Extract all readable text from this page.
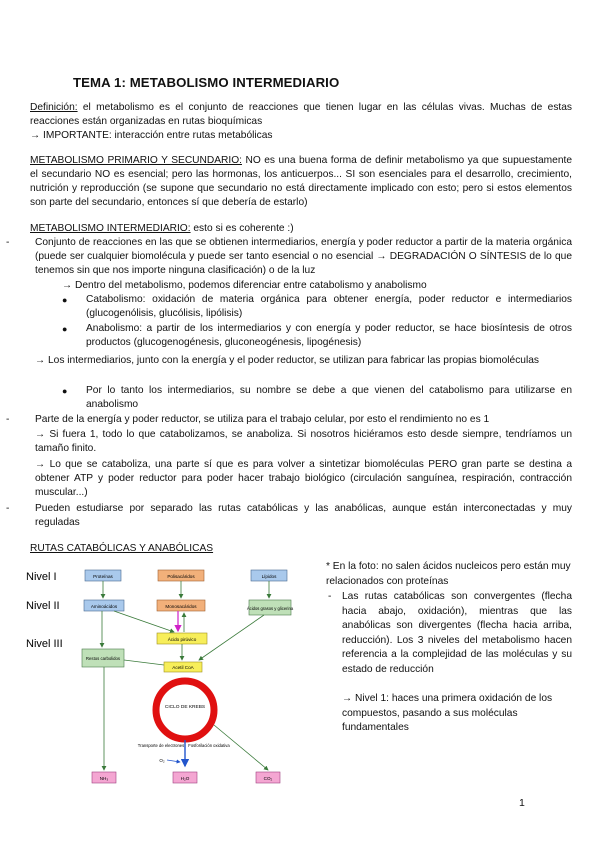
TEMA 1: METABOLISMO INTERMEDIARIO
Definición: el metabolismo es el conjunto de reacciones que tienen lugar en las células vivas. Muchas de estas reacciones están organizadas en rutas bioquímicas
→ IMPORTANTE: interacción entre rutas metabólicas
METABOLISMO PRIMARIO Y SECUNDARIO: NO es una buena forma de definir metabolismo ya que supuestamente el secundario NO es esencial; pero las hormonas, los anticuerpos... SI son esenciales para el desarrollo, crecimiento, nutrición y reproducción (se supone que secundario no está directamente implicado con esto; pero si estos elementos son parte del secundario, entonces sí que debería de estarlo)
METABOLISMO INTERMEDIARIO: esto si es coherente :)
-	Conjunto de reacciones en las que se obtienen intermediarios, energía y poder reductor a partir de la materia orgánica (puede ser cualquier biomolécula y puede ser tanto esencial o no esencial → DEGRADACIÓN O SÍNTESIS de lo que tenemos sin que nos importe ninguna clasificación) o de la luz
→ Dentro del metabolismo, podemos diferenciar entre catabolismo y anabolismo
●	Catabolismo: oxidación de materia orgánica para obtener energía, poder reductor e intermediarios (glucogenólisis, glucólisis, lipólisis)
●	Anabolismo: a partir de los intermediarios y con energía y poder reductor, se hace biosíntesis de otros productos (glucogenogénesis, gluconeogénesis, lipogénesis)
→ Los intermediarios, junto con la energía y el poder reductor, se utilizan para fabricar las propias biomoléculas
●	Por lo tanto los intermediarios, su nombre se debe a que vienen del catabolismo para utilizarse en anabolismo
-	Parte de la energía y poder reductor, se utiliza para el trabajo celular, por esto el rendimiento no es 1
→ Si fuera 1, todo lo que catabolizamos, se anaboliza. Si nosotros hiciéramos esto desde siempre, tendríamos un tamaño finito.
→ Lo que se cataboliza, una parte sí que es para volver a sintetizar biomoléculas PERO gran parte se destina a obtener ATP y poder reductor para poder hacer trabajo biológico (circulación sanguínea, respiración, contracción muscular...)
-	Pueden estudiarse por separado las rutas catabólicas y las anabólicas, aunque están interconectadas y muy reguladas
RUTAS CATABÓLICAS Y ANABÓLICAS
Nivel I
Nivel II
Nivel III
Proteínas	Polisacáridos	Lípidos
Aminoácidos	Monosacáridos	Ácidos grasos y glicerina
Ácido pirúvico
Restos carbolidos
Acetil CoA
CICLO DE KREBS
Transporte de electrones Fosforilación oxidativa
O₂
NH₃	H₂O	CO₂
* En la foto: no salen ácidos nucleicos pero están muy relacionados con proteínas
-	Las rutas catabólicas son convergentes (flecha hacia abajo, oxidación), mientras que las anabólicas son divergentes (flecha hacia arriba, reducción). Los 3 niveles del metabolismo hacen referencia a la complejidad de las moléculas y su estado de reducción
→ Nivel 1: haces una primera oxidación de los compuestos, pasando a sus moléculas fundamentales
1
